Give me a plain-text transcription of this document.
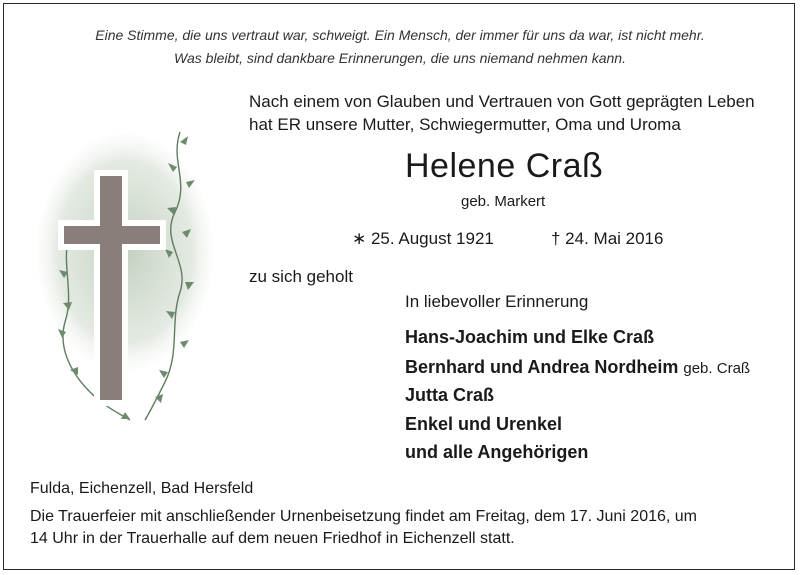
Eine Stimme, die uns vertraut war, schweigt. Ein Mensch, der immer für uns da war, ist nicht mehr.
Was bleibt, sind dankbare Erinnerungen, die uns niemand nehmen kann.
Nach einem von Glauben und Vertrauen von Gott geprägten Leben
hat ER unsere Mutter, Schwiegermutter, Oma und Uroma
Helene Craß
geb. Markert
∗ 25. August 1921	† 24. Mai 2016
zu sich geholt
In liebevoller Erinnerung
Hans-Joachim und Elke Craß
Bernhard und Andrea Nordheim geb. Craß
Jutta Craß
Enkel und Urenkel
und alle Angehörigen
Fulda, Eichenzell, Bad Hersfeld
Die Trauerfeier mit anschließender Urnenbeisetzung findet am Freitag, dem 17. Juni 2016, um
14 Uhr in der Trauerhalle auf dem neuen Friedhof in Eichenzell statt.
